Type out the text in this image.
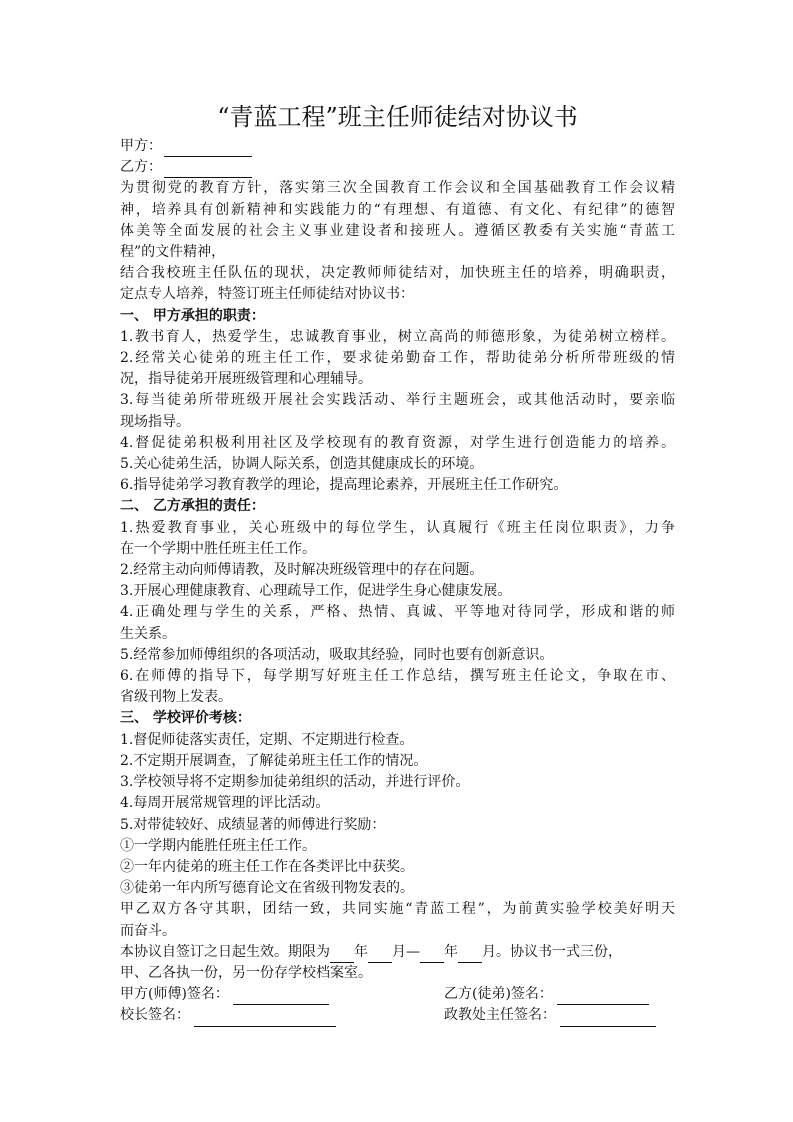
“青蓝工程”班主任师徒结对协议书
甲方：
乙方：
为贯彻党的教育方针，落实第三次全国教育工作会议和全国基础教育工作会议精
神，培养具有创新精神和实践能力的“有理想、有道德、有文化、有纪律”的德智
体美等全面发展的社会主义事业建设者和接班人。遵循区教委有关实施“青蓝工
程”的文件精神，
结合我校班主任队伍的现状，决定教师师徒结对，加快班主任的培养，明确职责，
定点专人培养，特签订班主任师徒结对协议书：
一、 甲方承担的职责：
1.教书育人，热爱学生，忠诚教育事业，树立高尚的师德形象，为徒弟树立榜样。
2.经常关心徒弟的班主任工作，要求徒弟勤奋工作，帮助徒弟分析所带班级的情
况，指导徒弟开展班级管理和心理辅导。
3.每当徒弟所带班级开展社会实践活动、举行主题班会，或其他活动时，要亲临
现场指导。
4.督促徒弟积极利用社区及学校现有的教育资源，对学生进行创造能力的培养。
5.关心徒弟生活，协调人际关系，创造其健康成长的环境。
6.指导徒弟学习教育教学的理论，提高理论素养，开展班主任工作研究。
二、 乙方承担的责任：
1.热爱教育事业，关心班级中的每位学生，认真履行《班主任岗位职责》，力争
在一个学期中胜任班主任工作。
2.经常主动向师傅请教，及时解决班级管理中的存在问题。
3.开展心理健康教育、心理疏导工作，促进学生身心健康发展。
4.正确处理与学生的关系，严格、热情、真诚、平等地对待同学，形成和谐的师
生关系。
5.经常参加师傅组织的各项活动，吸取其经验，同时也要有创新意识。
6.在师傅的指导下，每学期写好班主任工作总结，撰写班主任论文，争取在市、
省级刊物上发表。
三、 学校评价考核：
1.督促师徒落实责任，定期、不定期进行检查。
2.不定期开展调查，了解徒弟班主任工作的情况。
3.学校领导将不定期参加徒弟组织的活动，并进行评价。
4.每周开展常规管理的评比活动。
5.对带徒较好、成绩显著的师傅进行奖励：
①一学期内能胜任班主任工作。
②一年内徒弟的班主任工作在各类评比中获奖。
③徒弟一年内所写德育论文在省级刊物发表的。
甲乙双方各守其职，团结一致，共同实施“青蓝工程”，为前黄实验学校美好明天
而奋斗。
本协议自签订之日起生效。期限为 年 月— 年 月。协议书一式三份，
甲、乙各执一份，另一份存学校档案室。
甲方(师傅)签名：	乙方(徒弟)签名：
校长签名：	政教处主任签名：
